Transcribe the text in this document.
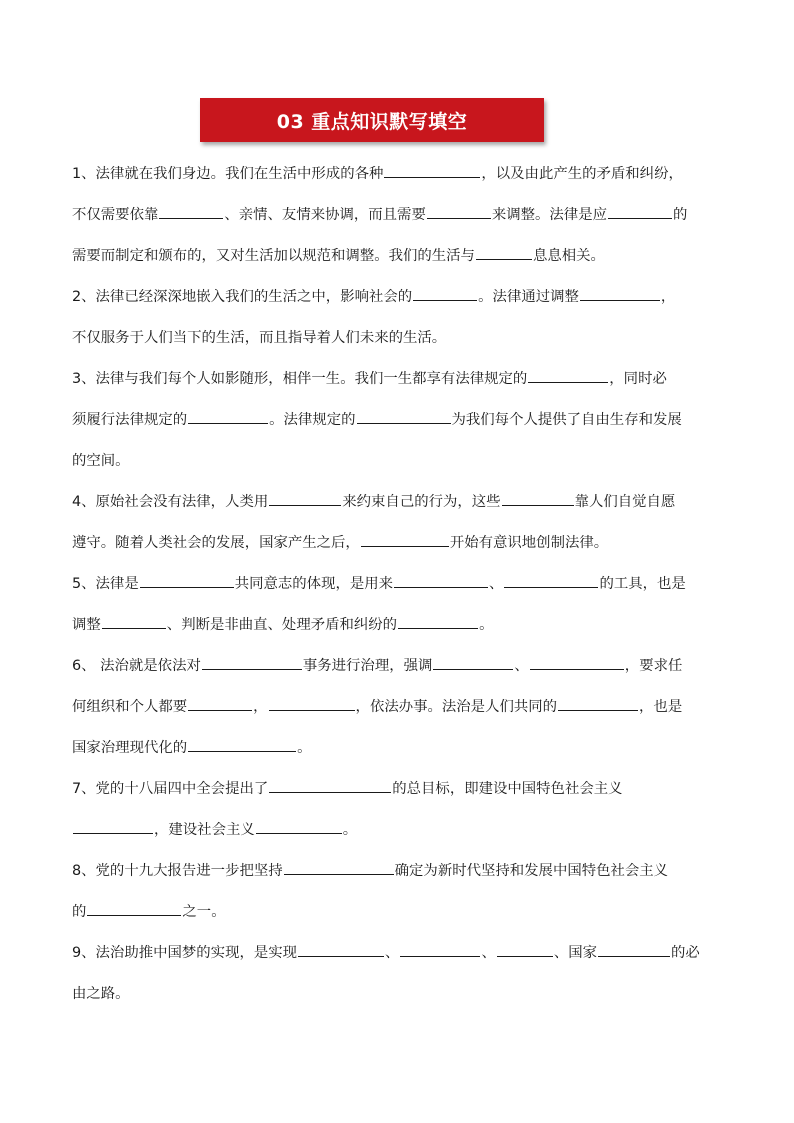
03 重点知识默写填空
1、法律就在我们身边。我们在生活中形成的各种	，以及由此产生的矛盾和纠纷，
不仅需要依靠	、亲情、友情来协调，而且需要	来调整。法律是应	的
需要而制定和颁布的，又对生活加以规范和调整。我们的生活与	息息相关。
2、法律已经深深地嵌入我们的生活之中，影响社会的	。法律通过调整	，
不仅服务于人们当下的生活，而且指导着人们未来的生活。
3、法律与我们每个人如影随形，相伴一生。我们一生都享有法律规定的	，同时必
须履行法律规定的	。法律规定的	为我们每个人提供了自由生存和发展
的空间。
4、原始社会没有法律，人类用	来约束自己的行为，这些	靠人们自觉自愿
遵守。随着人类社会的发展，国家产生之后，	开始有意识地创制法律。
5、法律是	共同意志的体现，是用来	、	的工具，也是
调整	、判断是非曲直、处理矛盾和纠纷的	。
6、 法治就是依法对	事务进行治理，强调	、	，要求任
何组织和个人都要	，	，依法办事。法治是人们共同的	，也是
国家治理现代化的	。
7、党的十八届四中全会提出了	的总目标，即建设中国特色社会主义
，建设社会主义	。
8、党的十九大报告进一步把坚持	确定为新时代坚持和发展中国特色社会主义
的	之一。
9、法治助推中国梦的实现，是实现	、	、	、国家	的必
由之路。
